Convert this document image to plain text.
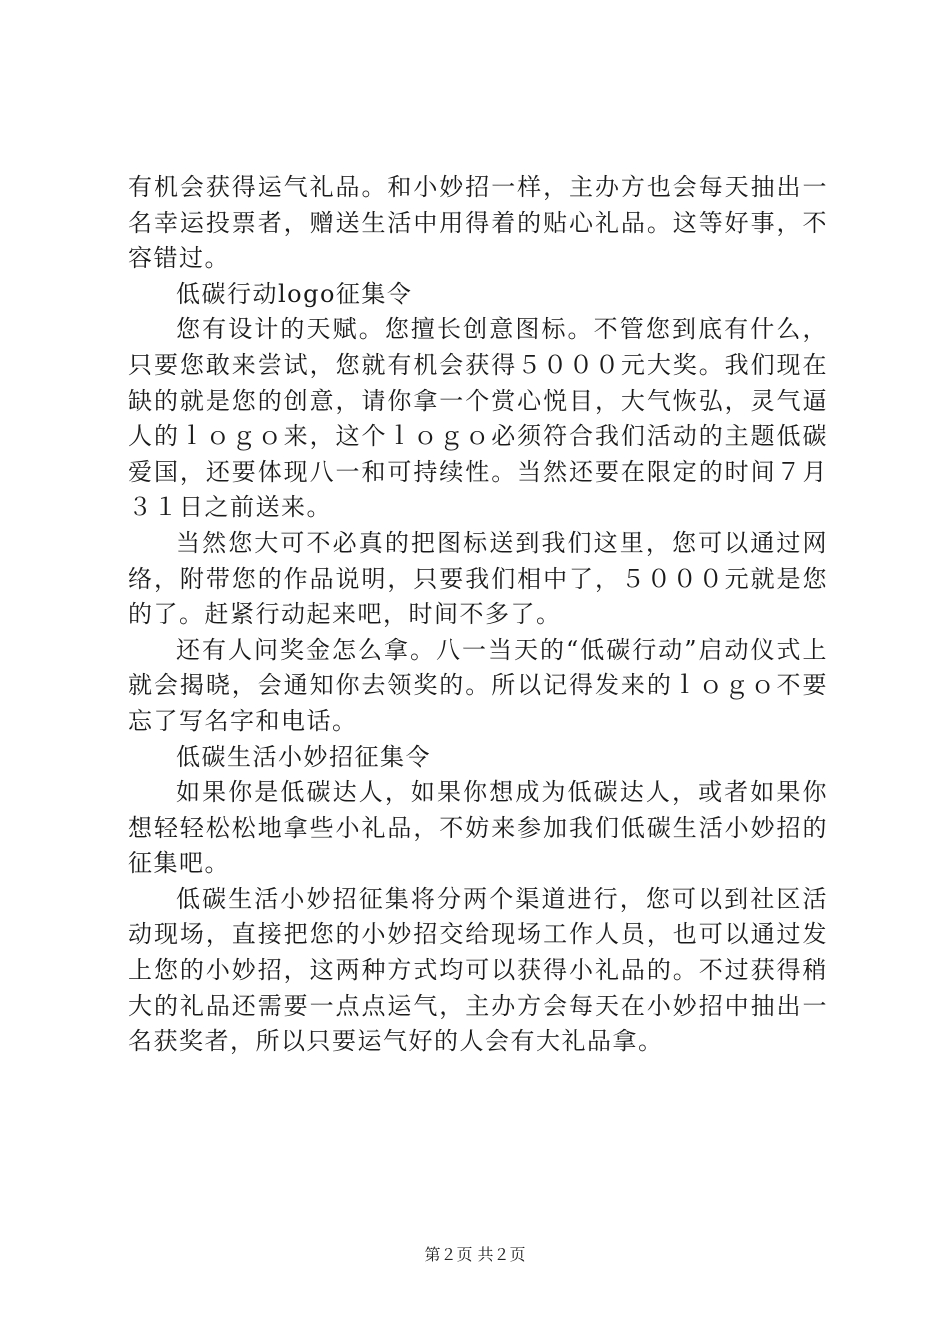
有机会获得运气礼品。和小妙招一样，主办方也会每天抽出一名幸运投票者，赠送生活中用得着的贴心礼品。这等好事，不容错过。

低碳行动logo征集令

您有设计的天赋。您擅长创意图标。不管您到底有什么，只要您敢来尝试，您就有机会获得５０００元大奖。我们现在缺的就是您的创意，请你拿一个赏心悦目，大气恢弘，灵气逼人的ｌｏｇｏ来，这个ｌｏｇｏ必须符合我们活动的主题低碳爱国，还要体现八一和可持续性。当然还要在限定的时间７月３１日之前送来。

当然您大可不必真的把图标送到我们这里，您可以通过网络，附带您的作品说明，只要我们相中了，５０００元就是您的了。赶紧行动起来吧，时间不多了。

还有人问奖金怎么拿。八一当天的“低碳行动”启动仪式上就会揭晓，会通知你去领奖的。所以记得发来的ｌｏｇｏ不要忘了写名字和电话。

低碳生活小妙招征集令

如果你是低碳达人，如果你想成为低碳达人，或者如果你想轻轻松松地拿些小礼品，不妨来参加我们低碳生活小妙招的征集吧。

低碳生活小妙招征集将分两个渠道进行，您可以到社区活动现场，直接把您的小妙招交给现场工作人员，也可以通过发上您的小妙招，这两种方式均可以获得小礼品的。不过获得稍大的礼品还需要一点点运气，主办方会每天在小妙招中抽出一名获奖者，所以只要运气好的人会有大礼品拿。

第２页 共２页
